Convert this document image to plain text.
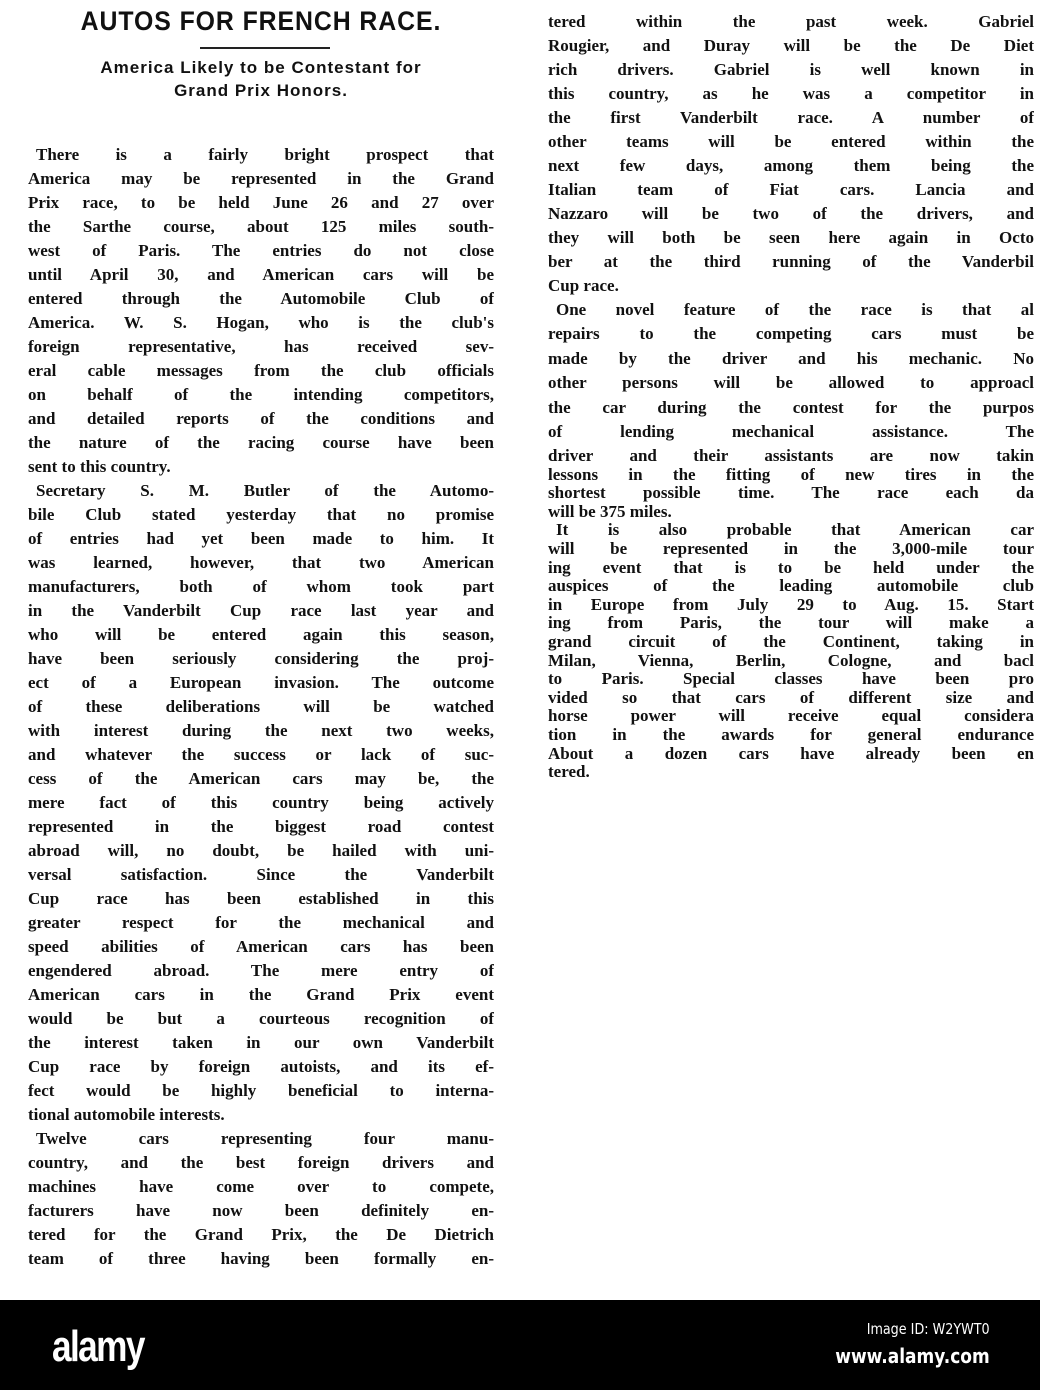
AUTOS FOR FRENCH RACE.
America Likely to be Contestant for
Grand Prix Honors.
There is a fairly bright prospect that
America may be represented in the Grand
Prix race, to be held June 26 and 27 over
the Sarthe course, about 125 miles south-
west of Paris. The entries do not close
until April 30, and American cars will be
entered through the Automobile Club of
America. W. S. Hogan, who is the club's
foreign representative, has received sev-
eral cable messages from the club officials
on behalf of the intending competitors,
and detailed reports of the conditions and
the nature of the racing course have been
sent to this country.
Secretary S. M. Butler of the Automo-
bile Club stated yesterday that no promise
of entries had yet been made to him. It
was learned, however, that two American
manufacturers, both of whom took part
in the Vanderbilt Cup race last year and
who will be entered again this season,
have been seriously considering the proj-
ect of a European invasion. The outcome
of these deliberations will be watched
with interest during the next two weeks,
and whatever the success or lack of suc-
cess of the American cars may be, the
mere fact of this country being actively
represented in the biggest road contest
abroad will, no doubt, be hailed with uni-
versal satisfaction. Since the Vanderbilt
Cup race has been established in this
greater respect for the mechanical and
speed abilities of American cars has been
engendered abroad. The mere entry of
American cars in the Grand Prix event
would be but a courteous recognition of
the interest taken in our own Vanderbilt
Cup race by foreign autoists, and its ef-
fect would be highly beneficial to interna-
tional automobile interests.
Twelve cars representing four manu-
country, and the best foreign drivers and
machines have come over to compete,
facturers have now been definitely en-
tered for the Grand Prix, the De Dietrich
team of three having been formally en-
tered within the past week. Gabriel
Rougier, and Duray will be the De Diet
rich drivers. Gabriel is well known in
this country, as he was a competitor in
the first Vanderbilt race. A number of
other teams will be entered within the
next few days, among them being the
Italian team of Fiat cars. Lancia and
Nazzaro will be two of the drivers, and
they will both be seen here again in Octo
ber at the third running of the Vanderbil
Cup race.
One novel feature of the race is that al
repairs to the competing cars must be
made by the driver and his mechanic. No
other persons will be allowed to approacl
the car during the contest for the purpos
of lending mechanical assistance. The
driver and their assistants are now takin
lessons in the fitting of new tires in the
shortest possible time. The race each da
will be 375 miles.
It is also probable that American car
will be represented in the 3,000-mile tour
ing event that is to be held under the
auspices of the leading automobile club
in Europe from July 29 to Aug. 15. Start
ing from Paris, the tour will make a
grand circuit of the Continent, taking in
Milan, Vienna, Berlin, Cologne, and bacl
to Paris. Special classes have been pro
vided so that cars of different size and
horse power will receive equal considera
tion in the awards for general endurance
About a dozen cars have already been en
tered.
alamy	Image ID: W2YWT0
www.alamy.com
